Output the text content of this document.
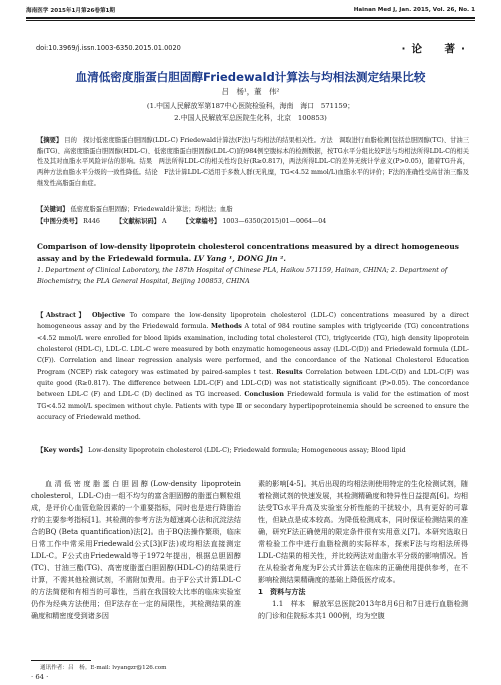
海南医学 2015年1月第26卷第1期	Hainan Med J, Jan. 2015, Vol. 26, No. 1
doi:10.3969/j.issn.1003-6350.2015.01.0020	·论　著·
血清低密度脂蛋白胆固醇Friedewald计算法与均相法测定结果比较
吕　杨¹，董　伟²
(1.中国人民解放军第187中心医院检验科，海南　海口　571159；
2.中国人民解放军总医院生化科，北京　100853)
【摘要】 目的　探讨低密度脂蛋白胆固醇(LDL-C) Friedewald计算法(F法)与均相法的结果相关性。方法　调取进行血脂检测[包括总胆固醇(TC)、甘油三酯(TG)、高密度脂蛋白胆固醇(HDL-C)、低密度脂蛋白胆固醇(LDL-C)]的984例空腹标本的检测数据，按TG水平分组比较F法与均相法所得LDL-C的相关性及其对血脂水平风险评估的影响。结果　两法所得LDL-C的相关性均良好(R≥0.817)，两法所得LDL-C的差异无统计学意义(P>0.05)，随着TG升高，两种方法血脂水平分级的一致性降低。结论　F法计算LDL-C适用于多数人群(无乳糜，TG<4.52 mmol/L)血脂水平的评价；F法的准确性受高甘油三酯及继发性高脂蛋白血症。
【关键词】 低密度脂蛋白胆固醇；Friedewald计算法；均相法；血脂
【中图分类号】 R446	【文献标识码】 A	【文章编号】 1003—6350(2015)01—0064—04
Comparison of low-density lipoprotein cholesterol concentrations measured by a direct homogeneous assay and by the Friedewald formula. LV Yang ¹, DONG Jin ².
1. Department of Clinical Laboratory, the 187th Hospital of Chinese PLA, Haikou 571159, Hainan, CHINA; 2. Department of Biochemistry, the PLA General Hospital, Beijing 100853, CHINA
【Abstract】 Objective To compare the low-density lipoprotein cholesterol (LDL-C) concentrations measured by a direct homogeneous assay and by the Friedewald formula. Methods A total of 984 routine samples with triglyceride (TG) concentrations <4.52 mmol/L were enrolled for blood lipids examination, including total cholesterol (TC), triglyceride (TG), high density lipoprotein cholesterol (HDL-C), LDL-C. LDL-C were measured by both enzymatic homogeneous assay (LDL-C(D)) and Friedewald formula (LDL-C(F)). Correlation and linear regression analysis were performed, and the concordance of the National Cholesterol Education Program (NCEP) risk category was estimated by paired-samples t test. Results Correlation between LDL-C(D) and LDL-C(F) was quite good (R≥0.817). The difference between LDL-C(F) and LDL-C(D) was not statistically significant (P>0.05). The concordance between LDL-C (F) and LDL-C (D) declined as TG increased. Conclusion Friedewald formula is valid for the estimation of most TG<4.52 mmol/L specimen without chyle. Patients with type Ⅲ or secondary hyperlipoproteinemia should be screened to ensure the accuracy of Friedewald method.
【Key words】 Low-density lipoprotein cholesterol (LDL-C); Friedewald formula; Homogeneous assay; Blood lipid

血清低密度脂蛋白胆固醇(Low-density lipoprotein cholesterol，LDL-C)由一组不均匀的富含胆固醇的脂蛋白颗粒组成，是评价心血管危险因素的一个重要指标，同时也是进行降脂治疗的主要参考指标[1]。其检测的参考方法为超速离心法和沉淀法结合的BQ (Beta quantification)法[2]。由于BQ法操作繁琐，临床日常工作中常采用Friedewald公式[3](F法)或均相法直接测定LDL-C。F公式由Friedewald等于1972年提出，根据总胆固醇(TC)、甘油三酯(TG)、高密度脂蛋白胆固醇(HDL-C)的结果进行计算，不需其他检测试剂，不需附加费用。由于F公式计算LDL-C的方法简便和有相当的可靠性，当前在我国较大比率的临床实验室仍作为经典方法使用；但F法存在一定的局限性，其检测结果的准确度和精密度受到诸多因

素的影响[4-5]。其后出现的均相法则使用特定的生化检测试剂，随着检测试剂的快速发展，其检测精确度和特异性日益提高[6]。均相法受TG水平升高及实验室分析性能的干扰较小，具有更好的可靠性，但缺点是成本较高。为降低检测成本，同时保证检测结果的准确，研究F法正确使用的限定条件很有实用意义[7]。本研究选取日常检验工作中进行血脂检测的实际样本，探索F法与均相法所得LDL-C结果的相关性，并比较两法对血脂水平分级的影响情况。旨在从检验者角度为F公式计算法在临床的正确使用提供参考，在不影响检测结果精确度的基础上降低医疗成本。

1　资料与方法

1.1　样本　解放军总医院2013年8月6日和7日进行血脂检测的门诊和住院标本共1 000例，均为空腹

通讯作者：吕　杨。E-mail: lvyangzr@126.com
· 64 ·
